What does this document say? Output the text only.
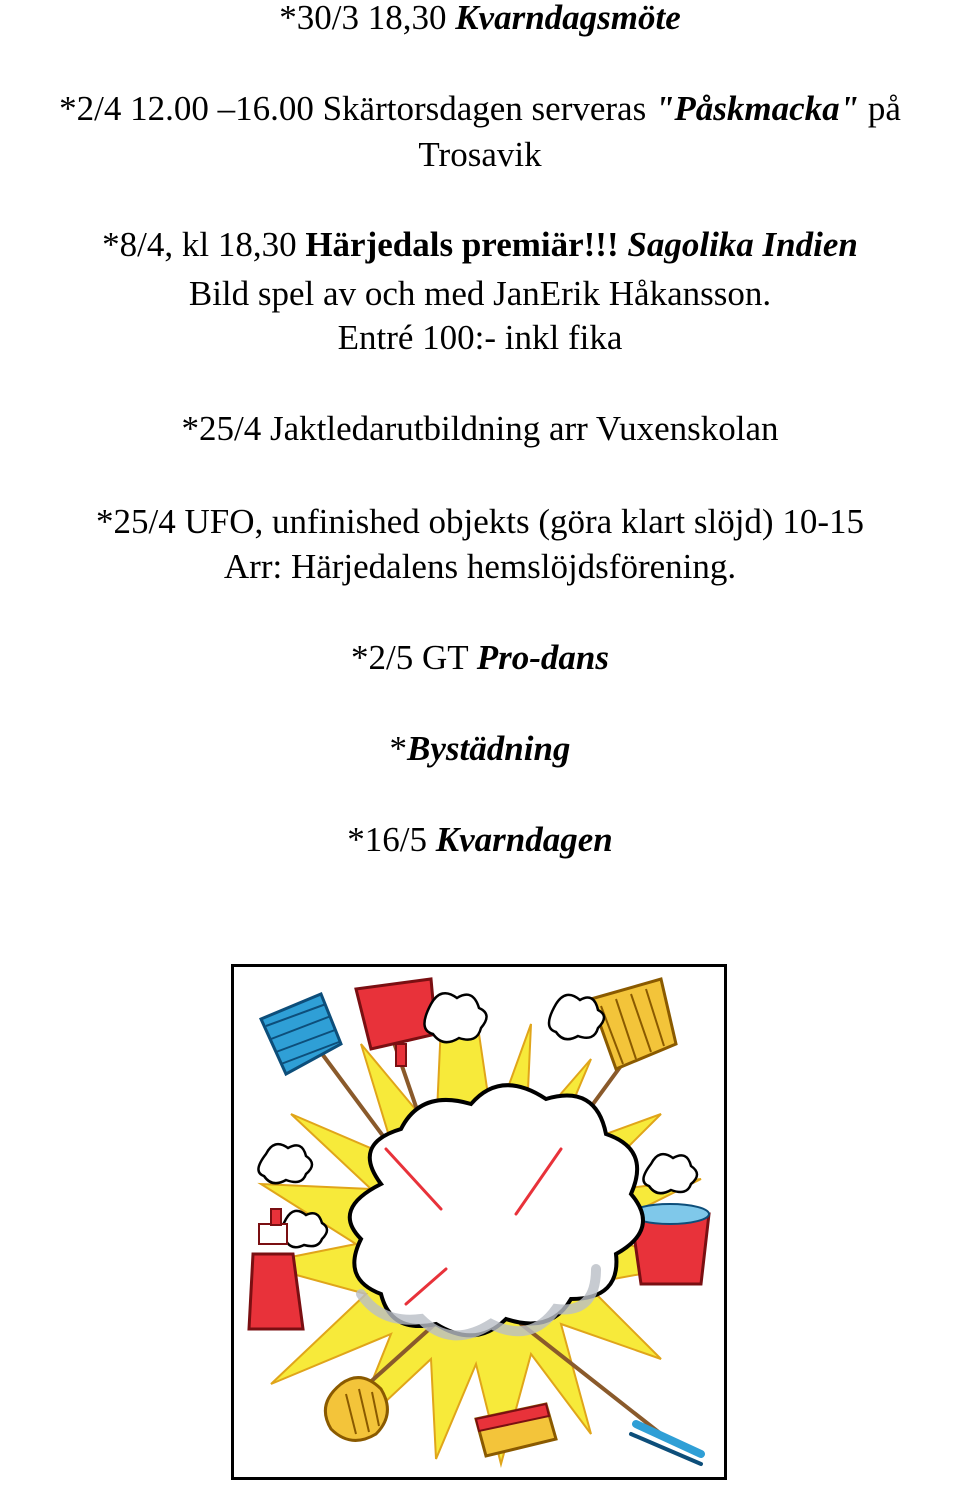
*30/3 18,30 Kvarndagsmöte
*2/4 12.00 –16.00 Skärtorsdagen serveras "Påskmacka" på
Trosavik
*8/4, kl 18,30 Härjedals premiär!!! Sagolika Indien
Bild spel av och med JanErik Håkansson.
Entré 100:- inkl fika
*25/4 Jaktledarutbildning arr Vuxenskolan
*25/4 UFO, unfinished objekts (göra klart slöjd) 10-15
Arr: Härjedalens hemslöjdsförening.
*2/5 GT Pro-dans
*Bystädning
*16/5 Kvarndagen
